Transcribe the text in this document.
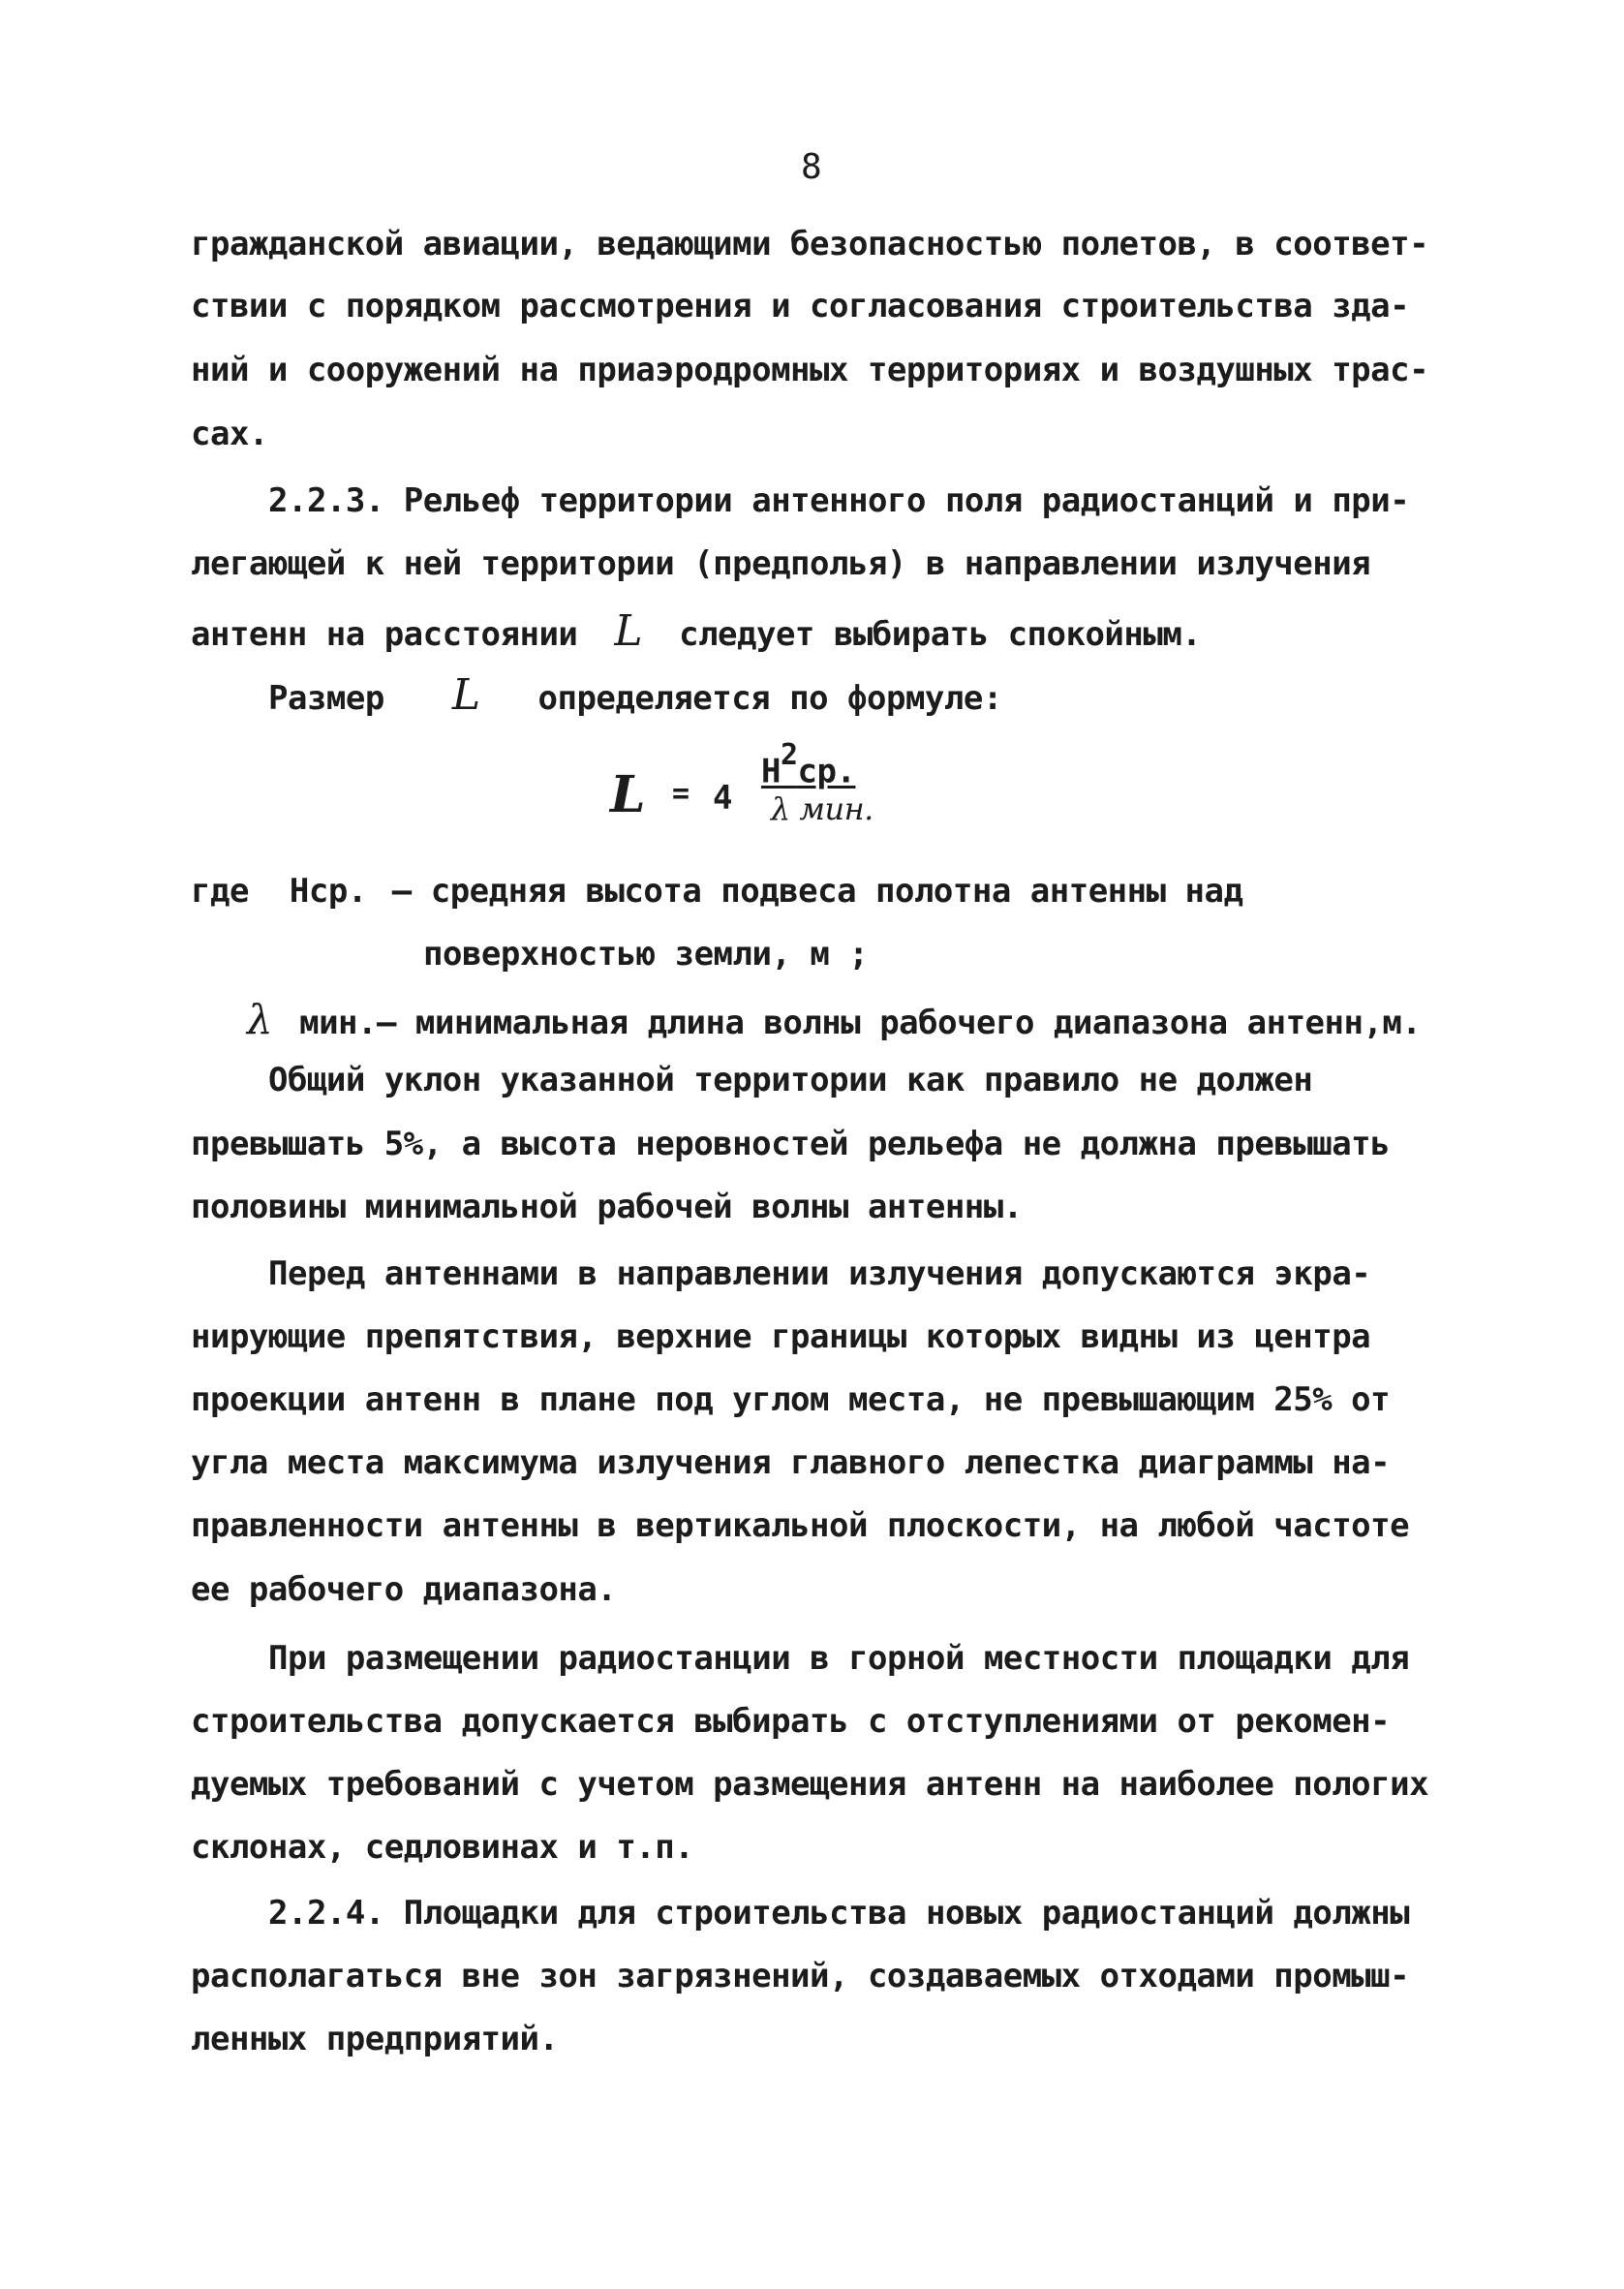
8
гражданской авиации, ведающими безопасностью полетов, в соответ-
ствии с порядком рассмотрения и согласования строительства зда-
ний и сооружений на приаэродромных территориях и воздушных трас-
сах.
2.2.3. Рельеф территории антенного поля радиостанций и при-
легающей к ней территории (предполья) в направлении излучения
антенн на расстоянии L следует выбирать спокойным.
Размер L определяется по формуле:
L = 4
$Н^2ср$.
λ мин.
где Нср. – средняя высота подвеса полотна антенны над
поверхностью земли, м ;
λ мин.– минимальная длина волны рабочего диапазона антенн,м.
Общий уклон указанной территории как правило не должен
превышать 5%, а высота неровностей рельефа не должна превышать
половины минимальной рабочей волны антенны.
Перед антеннами в направлении излучения допускаются экра-
нирующие препятствия, верхние границы которых видны из центра
проекции антенн в плане под углом места, не превышающим 25% от
угла места максимума излучения главного лепестка диаграммы на-
правленности антенны в вертикальной плоскости, на любой частоте
ее рабочего диапазона.
При размещении радиостанции в горной местности площадки для
строительства допускается выбирать с отступлениями от рекомен-
дуемых требований с учетом размещения антенн на наиболее пологих
склонах, седловинах и т.п.
2.2.4. Площадки для строительства новых радиостанций должны
располагаться вне зон загрязнений, создаваемых отходами промыш-
ленных предприятий.
